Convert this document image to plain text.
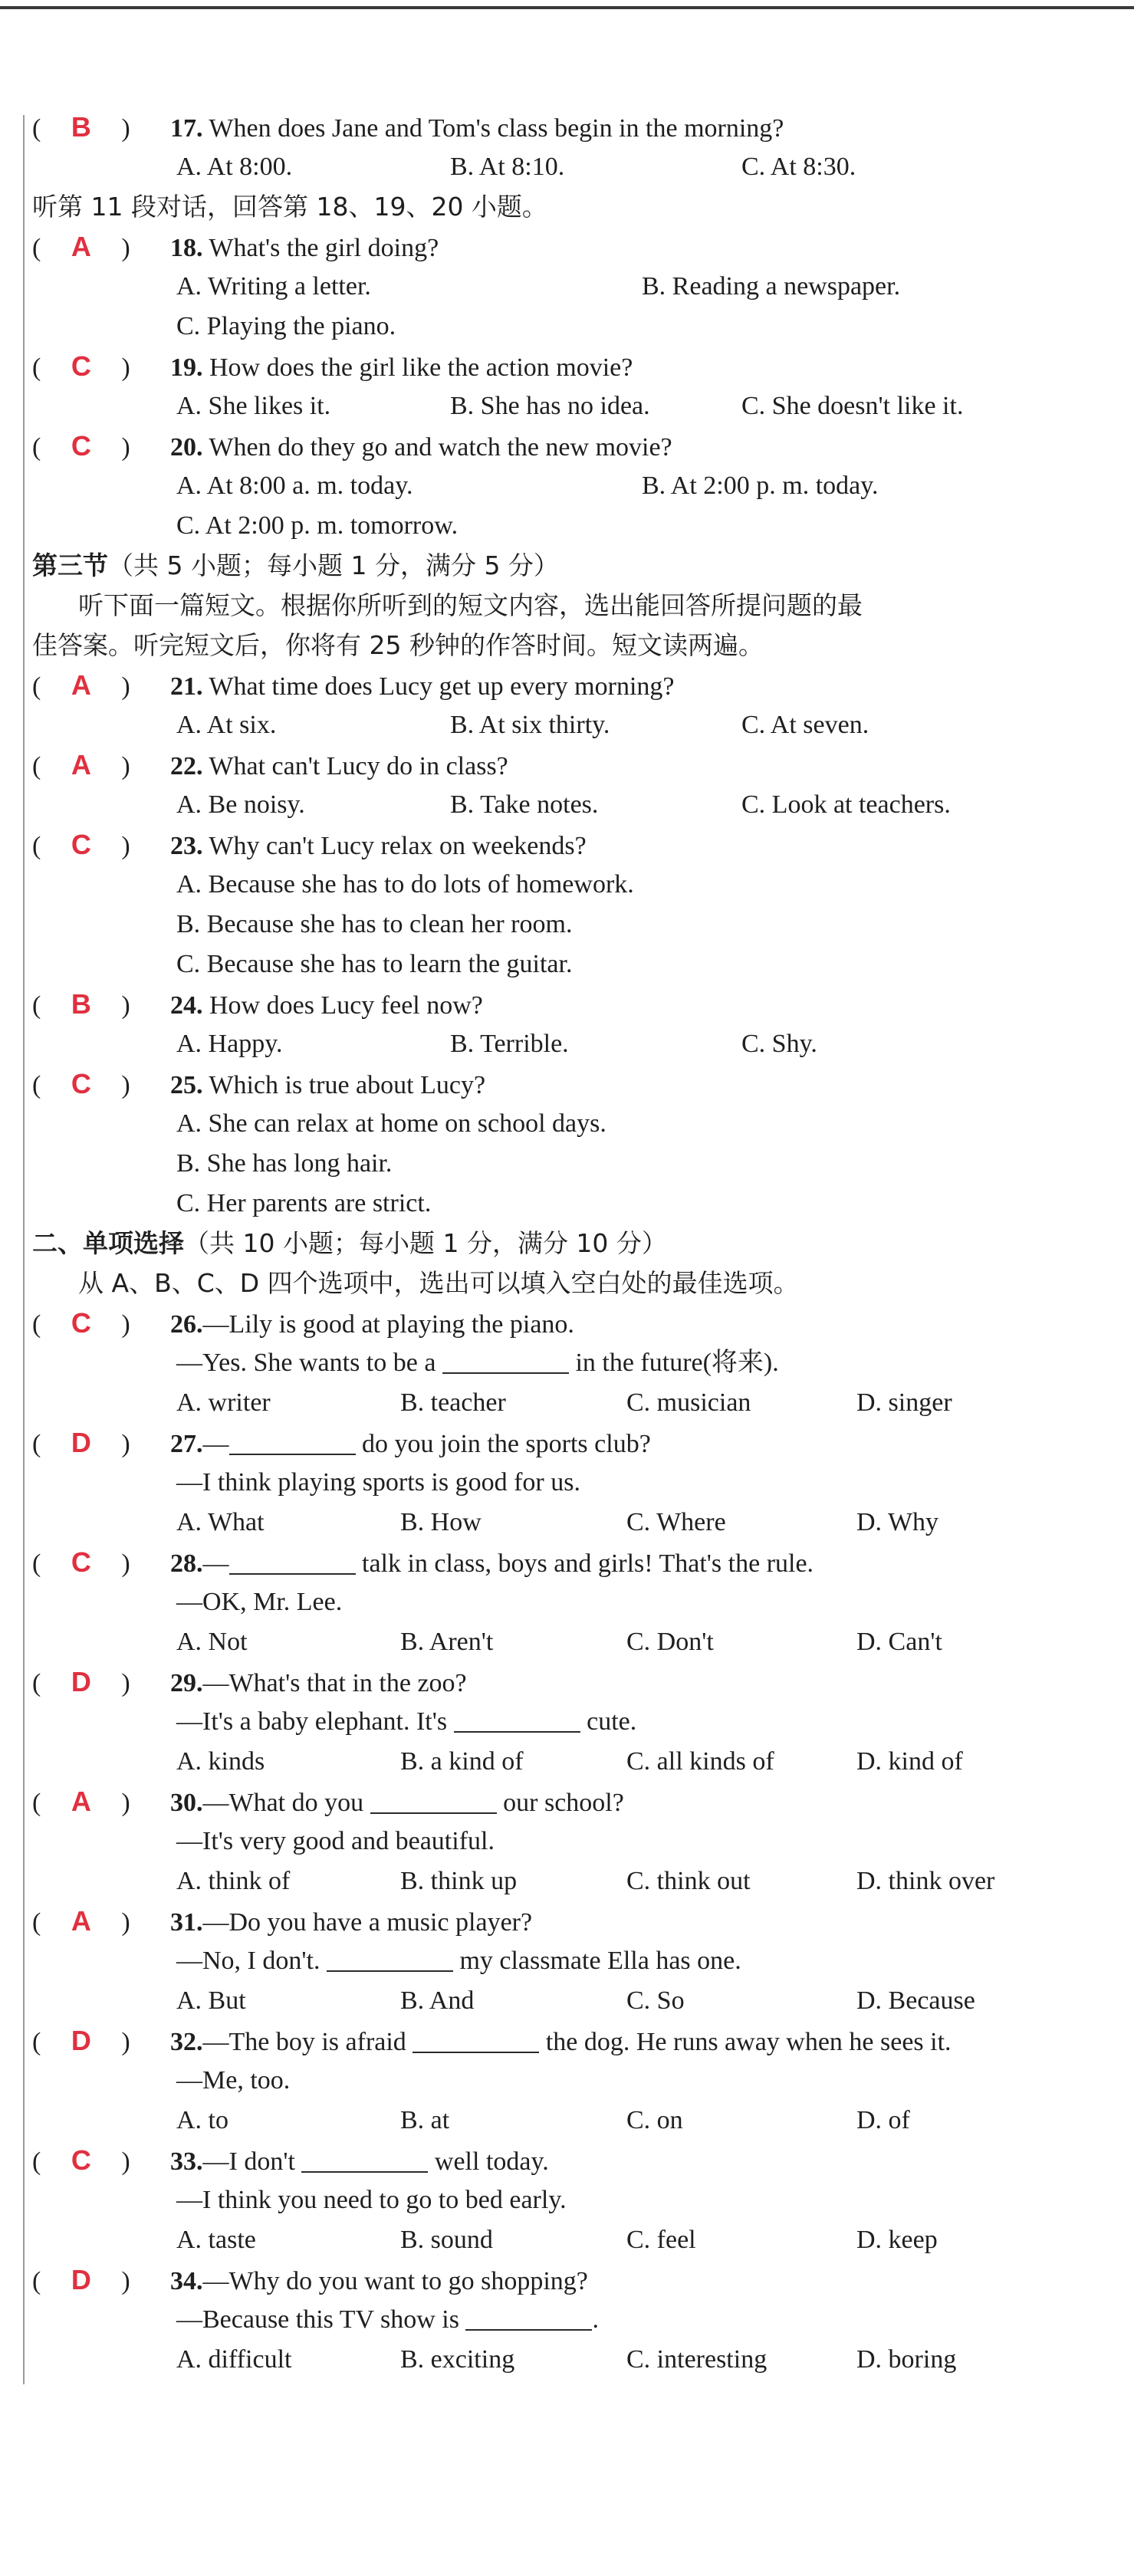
( B ) 17. When does Jane and Tom's class begin in the morning?
A. At 8:00.	B. At 8:10.	C. At 8:30.
听第 11 段对话，回答第 18、19、20 小题。
( A ) 18. What's the girl doing?
A. Writing a letter.	B. Reading a newspaper.
C. Playing the piano.
( C ) 19. How does the girl like the action movie?
A. She likes it.	B. She has no idea.	C. She doesn't like it.
( C ) 20. When do they go and watch the new movie?
A. At 8:00 a. m. today.	B. At 2:00 p. m. today.
C. At 2:00 p. m. tomorrow.
第三节（共 5 小题；每小题 1 分，满分 5 分）
听下面一篇短文。根据你所听到的短文内容，选出能回答所提问题的最
佳答案。听完短文后，你将有 25 秒钟的作答时间。短文读两遍。
( A ) 21. What time does Lucy get up every morning?
A. At six.	B. At six thirty.	C. At seven.
( A ) 22. What can't Lucy do in class?
A. Be noisy.	B. Take notes.	C. Look at teachers.
( C ) 23. Why can't Lucy relax on weekends?
A. Because she has to do lots of homework.
B. Because she has to clean her room.
C. Because she has to learn the guitar.
( B ) 24. How does Lucy feel now?
A. Happy.	B. Terrible.	C. Shy.
( C ) 25. Which is true about Lucy?
A. She can relax at home on school days.
B. She has long hair.
C. Her parents are strict.
二、单项选择（共 10 小题；每小题 1 分，满分 10 分）
从 A、B、C、D 四个选项中，选出可以填入空白处的最佳选项。
( C ) 26.—Lily is good at playing the piano.
—Yes. She wants to be a	in the future(将来).
A. writer	B. teacher	C. musician	D. singer
( D ) 27.—	do you join the sports club?
—I think playing sports is good for us.
A. What	B. How	C. Where	D. Why
( C ) 28.—	talk in class, boys and girls! That's the rule.
—OK, Mr. Lee.
A. Not	B. Aren't	C. Don't	D. Can't
( D ) 29.—What's that in the zoo?
—It's a baby elephant. It's	cute.
A. kinds	B. a kind of	C. all kinds of	D. kind of
( A ) 30.—What do you	our school?
—It's very good and beautiful.
A. think of	B. think up	C. think out	D. think over
( A ) 31.—Do you have a music player?
—No, I don't.	my classmate Ella has one.
A. But	B. And	C. So	D. Because
( D ) 32.—The boy is afraid	the dog. He runs away when he sees it.
—Me, too.
A. to	B. at	C. on	D. of
( C ) 33.—I don't	well today.
—I think you need to go to bed early.
A. taste	B. sound	C. feel	D. keep
( D ) 34.—Why do you want to go shopping?
—Because this TV show is	.
A. difficult	B. exciting	C. interesting	D. boring
